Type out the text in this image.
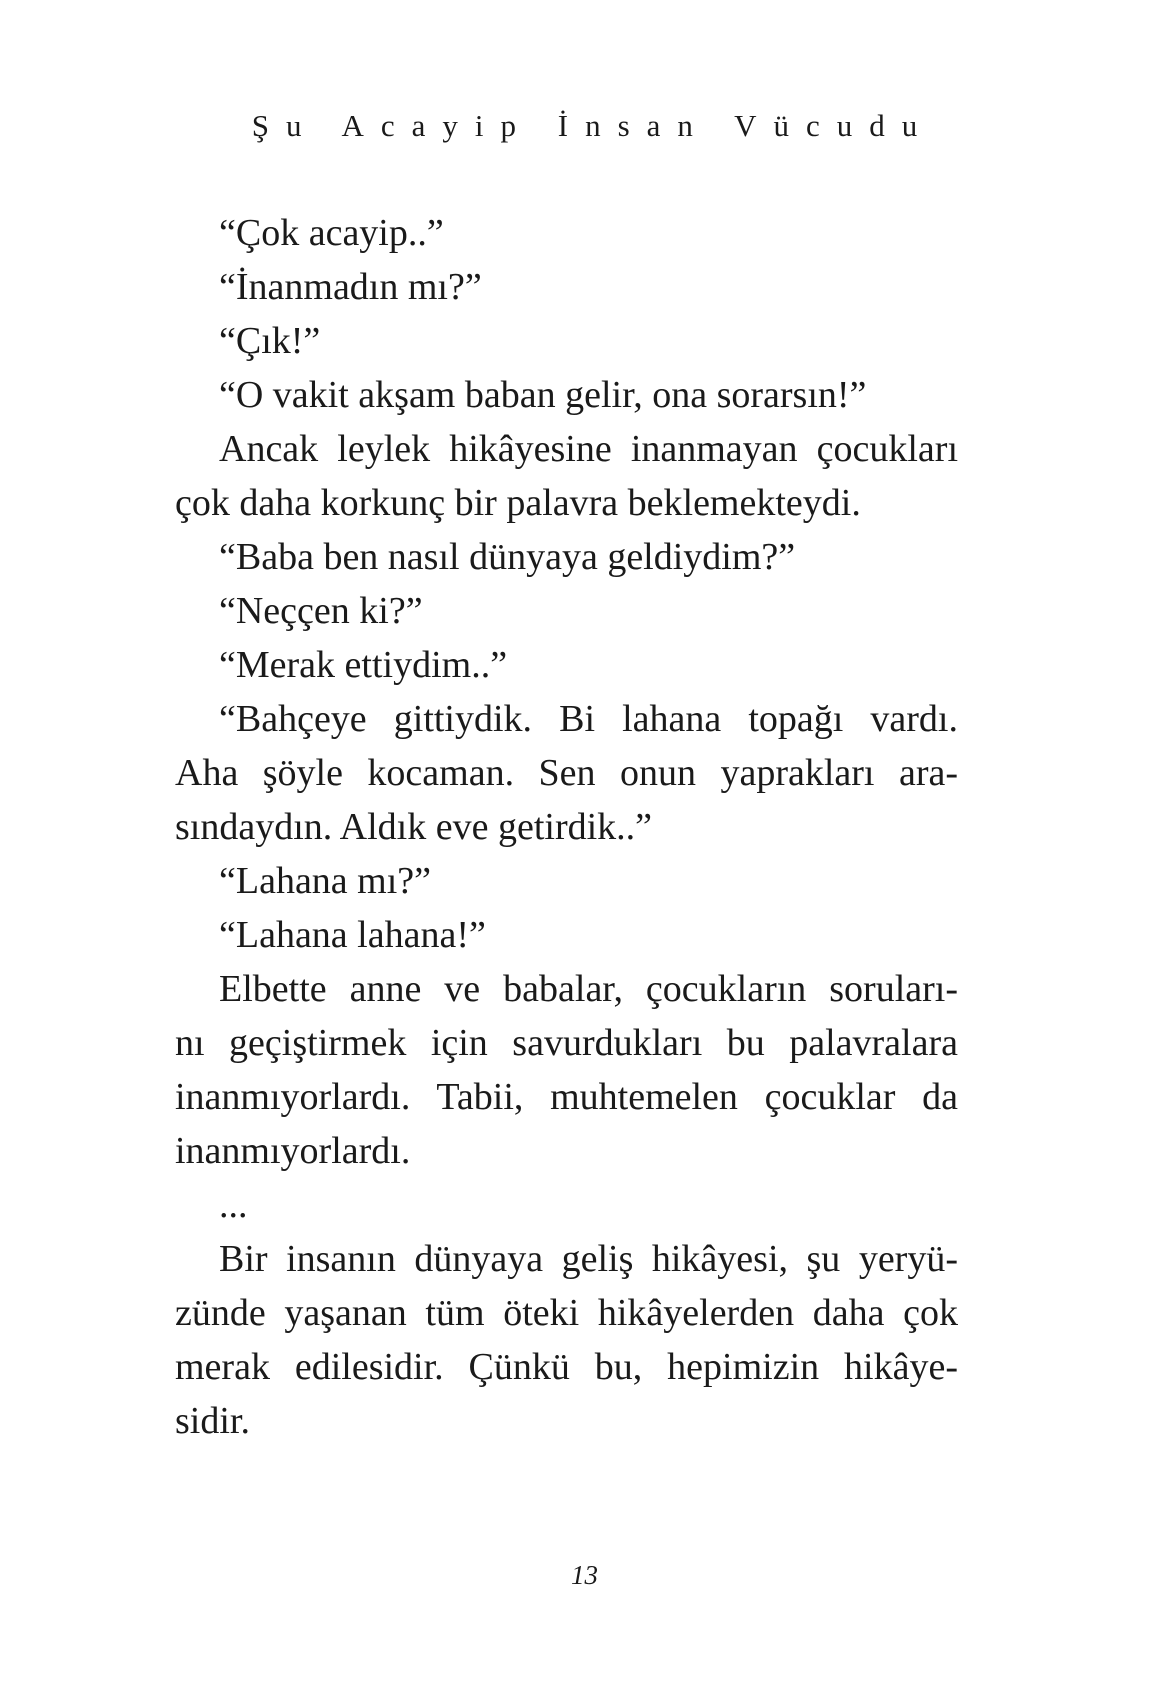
Şu Acayip İnsan Vücudu
“Çok acayip..”
“İnanmadın mı?”
“Çık!”
“O vakit akşam baban gelir, ona sorarsın!”
Ancak leylek hikâyesine inanmayan çocukları
çok daha korkunç bir palavra beklemekteydi.
“Baba ben nasıl dünyaya geldiydim?”
“Neççen ki?”
“Merak ettiydim..”
“Bahçeye gittiydik. Bi lahana topağı vardı.
Aha şöyle kocaman. Sen onun yaprakları ara-
sındaydın. Aldık eve getirdik..”
“Lahana mı?”
“Lahana lahana!”
Elbette anne ve babalar, çocukların soruları-
nı geçiştirmek için savurdukları bu palavralara
inanmıyorlardı. Tabii, muhtemelen çocuklar da
inanmıyorlardı.
...
Bir insanın dünyaya geliş hikâyesi, şu yeryü-
zünde yaşanan tüm öteki hikâyelerden daha çok
merak edilesidir. Çünkü bu, hepimizin hikâye-
sidir.
13
